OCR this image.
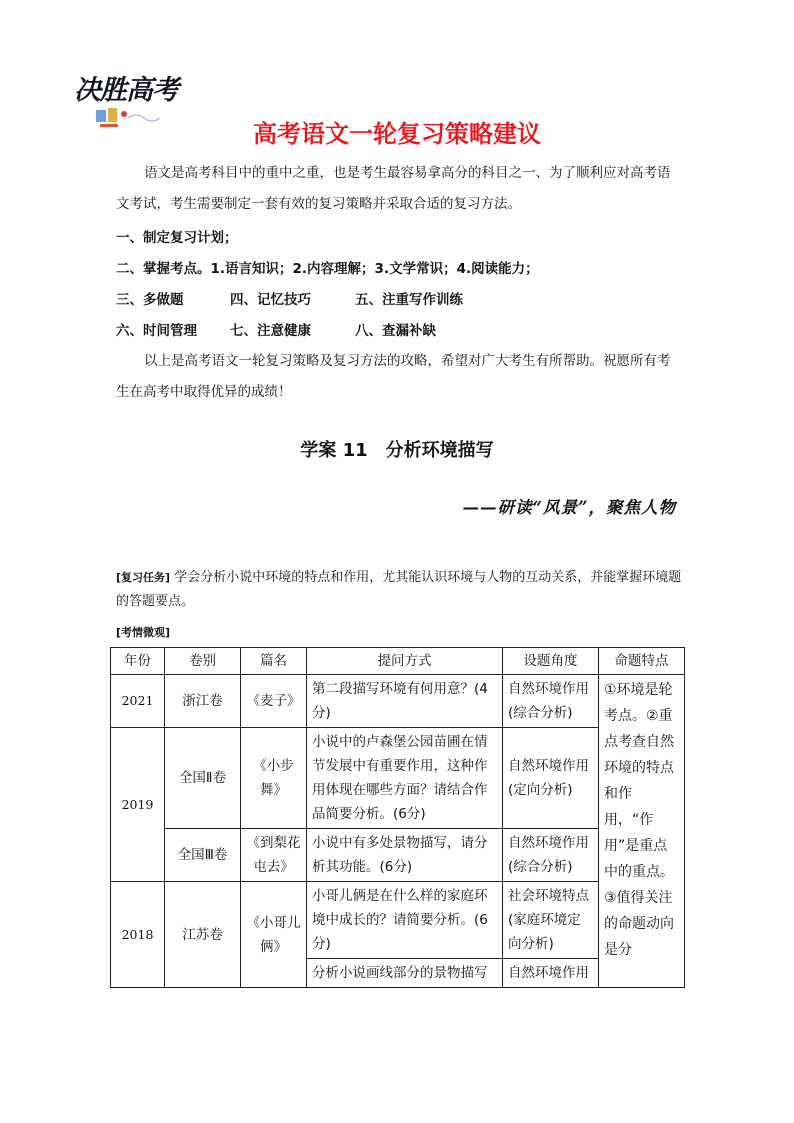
决胜高考
高考语文一轮复习策略建议
语文是高考科目中的重中之重，也是考生最容易拿高分的科目之一、为了顺利应对高考语文考试，考生需要制定一套有效的复习策略并采取合适的复习方法。
一、制定复习计划；
二、掌握考点。1.语言知识；2.内容理解；3.文学常识；4.阅读能力；
三、多做题	四、记忆技巧	五、注重写作训练
六、时间管理 七、注意健康	八、查漏补缺
以上是高考语文一轮复习策略及复习方法的攻略，希望对广大考生有所帮助。祝愿所有考生在高考中取得优异的成绩！
学案 11　分析环境描写
——研读“风景”，聚焦人物
[复习任务] 学会分析小说中环境的特点和作用，尤其能认识环境与人物的互动关系，并能掌握环境题的答题要点。
[考情微观]
年份	卷别	篇名	提问方式	设题角度	命题特点
2021	浙江卷	《麦子》	第二段描写环境有何用意？(4分)	自然环境作用(综合分析)	①环境是轮考点。②重点考查自然环境的特点和作用，“作用”是重点中的重点。③值得关注的命题动向是分
2019	全国Ⅱ卷	《小步舞》	小说中的卢森堡公园苗圃在情节发展中有重要作用，这种作用体现在哪些方面？请结合作品简要分析。(6分)	自然环境作用(定向分析)	
	全国Ⅲ卷	《到梨花屯去》	小说中有多处景物描写，请分析其功能。(6分)	自然环境作用(综合分析)	
2018	江苏卷	《小哥儿俩》	小哥儿俩是在什么样的家庭环境中成长的？请简要分析。(6分)	社会环境特点(家庭环境定向分析)	
			分析小说画线部分的景物描写	自然环境作用	
